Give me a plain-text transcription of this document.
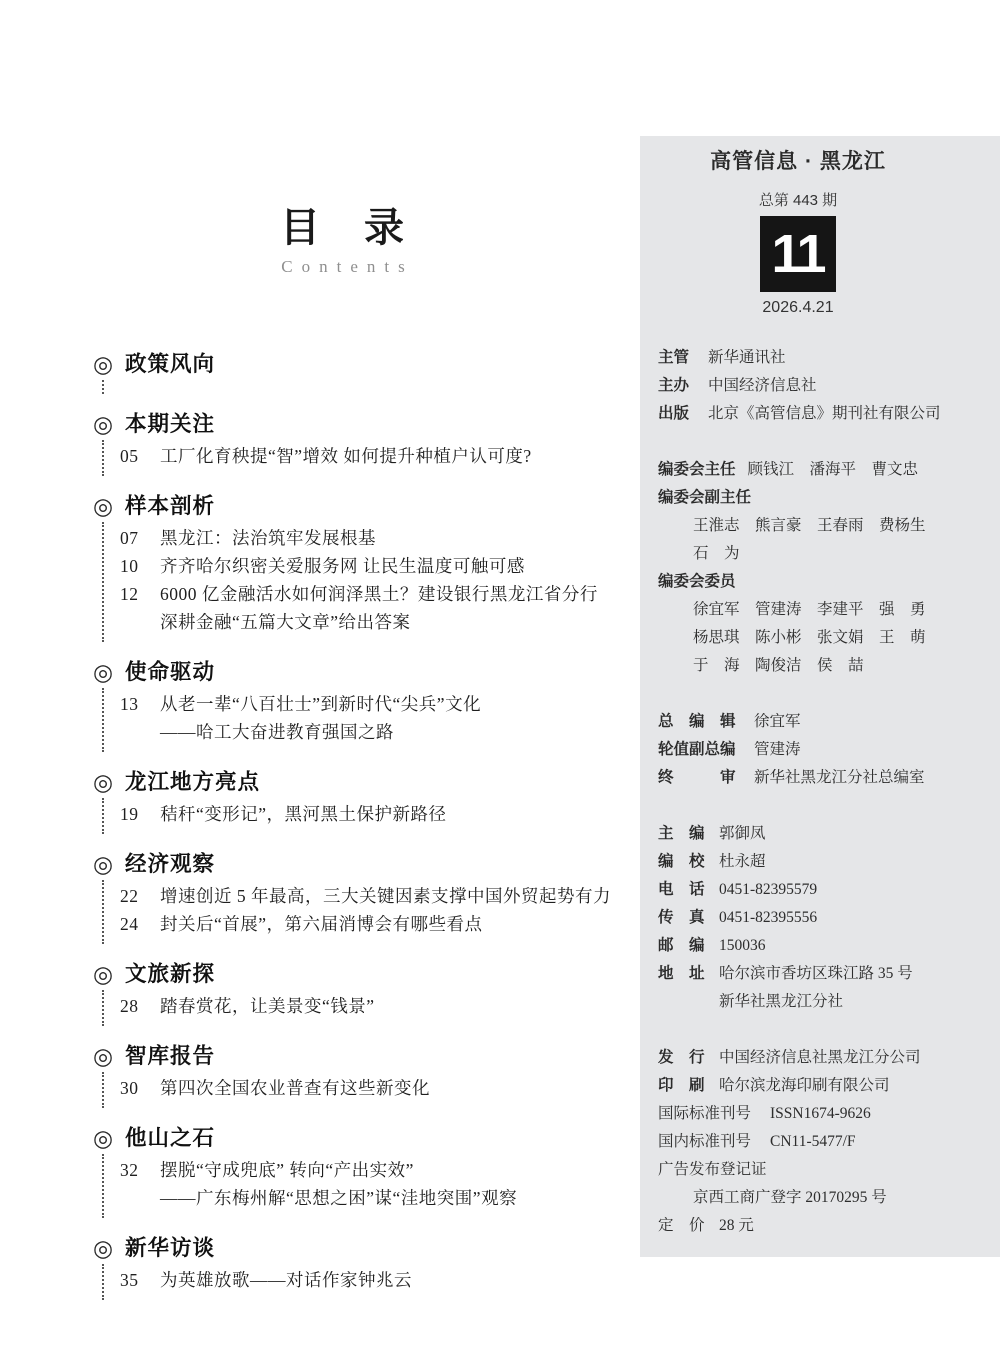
目　录
Contents
◎ 政策风向
◎ 本期关注
05	工厂化育秧提“智”增效 如何提升种植户认可度?
◎ 样本剖析
07	黑龙江：法治筑牢发展根基
10	齐齐哈尔织密关爱服务网 让民生温度可触可感
12	6000 亿金融活水如何润泽黑土？建设银行黑龙江省分行
深耕金融“五篇大文章”给出答案
◎ 使命驱动
13	从老一辈“八百壮士”到新时代“尖兵”文化
——哈工大奋进教育强国之路
◎ 龙江地方亮点
19	秸秆“变形记”，黑河黑土保护新路径
◎ 经济观察
22	增速创近 5 年最高，三大关键因素支撑中国外贸起势有力
24	封关后“首展”，第六届消博会有哪些看点
◎ 文旅新探
28	踏春赏花，让美景变“钱景”
◎ 智库报告
30	第四次全国农业普查有这些新变化
◎ 他山之石
32	摆脱“守成兜底” 转向“产出实效”
——广东梅州解“思想之困”谋“洼地突围”观察
◎ 新华访谈
35	为英雄放歌——对话作家钟兆云
高管信息 · 黑龙江
总第 443 期
11
2026.4.21
主管	新华通讯社
主办	中国经济信息社
出版	北京《高管信息》期刊社有限公司
编委会主任 顾钱江　潘海平　曹文忠
编委会副主任
王淮志　熊言豪　王春雨　费杨生
石　为
编委会委员
徐宜军　管建涛　李建平　强　勇
杨思琪　陈小彬　张文娟　王　萌
于　海　陶俊洁　侯　喆
总　编　辑	徐宜军
轮值副总编	管建涛
终　　　审	新华社黑龙江分社总编室
主　编 郭御凤
编　校 杜永超
电　话 0451-82395579
传　真 0451-82395556
邮　编 150036
地　址 哈尔滨市香坊区珠江路 35 号
新华社黑龙江分社
发　行 中国经济信息社黑龙江分公司
印　刷 哈尔滨龙海印刷有限公司
国际标准刊号	ISSN1674-9626
国内标准刊号	CN11-5477/F
广告发布登记证
京西工商广登字 20170295 号
定　价 28 元
